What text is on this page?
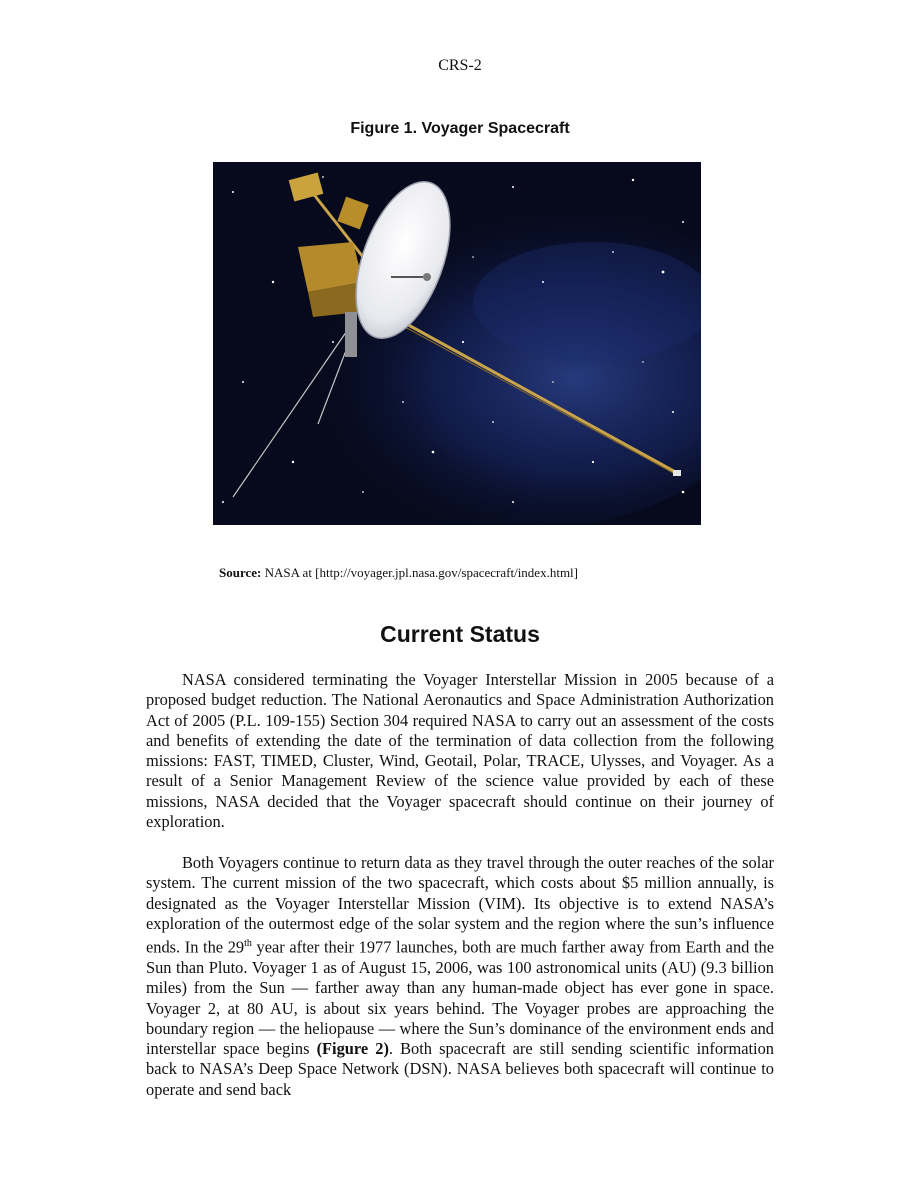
CRS-2
Figure 1. Voyager Spacecraft
Source: NASA at [http://voyager.jpl.nasa.gov/spacecraft/index.html]
Current Status

NASA considered terminating the Voyager Interstellar Mission in 2005 because of a proposed budget reduction. The National Aeronautics and Space Administration Authorization Act of 2005 (P.L. 109-155) Section 304 required NASA to carry out an assessment of the costs and benefits of extending the date of the termination of data collection from the following missions: FAST, TIMED, Cluster, Wind, Geotail, Polar, TRACE, Ulysses, and Voyager. As a result of a Senior Management Review of the science value provided by each of these missions, NASA decided that the Voyager spacecraft should continue on their journey of exploration.

Both Voyagers continue to return data as they travel through the outer reaches of the solar system. The current mission of the two spacecraft, which costs about $5 million annually, is designated as the Voyager Interstellar Mission (VIM). Its objective is to extend NASA’s exploration of the outermost edge of the solar system and the region where the sun’s influence ends. In the 29th year after their 1977 launches, both are much farther away from Earth and the Sun than Pluto. Voyager 1 as of August 15, 2006, was 100 astronomical units (AU) (9.3 billion miles) from the Sun — farther away than any human-made object has ever gone in space. Voyager 2, at 80 AU, is about six years behind. The Voyager probes are approaching the boundary region — the heliopause — where the Sun’s dominance of the environment ends and interstellar space begins (Figure 2). Both spacecraft are still sending scientific information back to NASA’s Deep Space Network (DSN). NASA believes both spacecraft will continue to operate and send back
